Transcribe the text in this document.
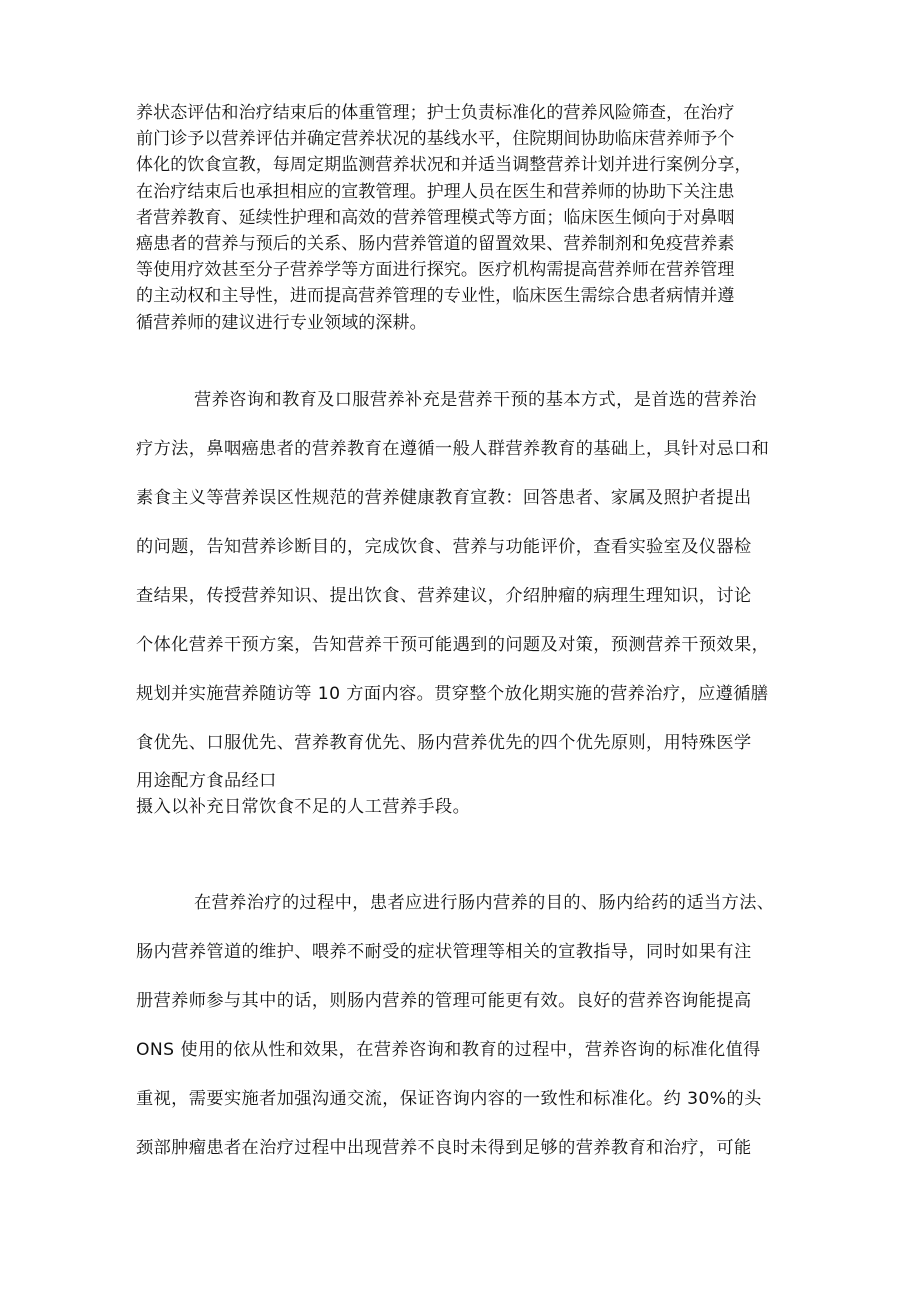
养状态评估和治疗结束后的体重管理；护士负责标准化的营养风险筛查，在治疗
前门诊予以营养评估并确定营养状况的基线水平，住院期间协助临床营养师予个
体化的饮食宣教，每周定期监测营养状况和并适当调整营养计划并进行案例分享，
在治疗结束后也承担相应的宣教管理。护理人员在医生和营养师的协助下关注患
者营养教育、延续性护理和高效的营养管理模式等方面；临床医生倾向于对鼻咽
癌患者的营养与预后的关系、肠内营养管道的留置效果、营养制剂和免疫营养素
等使用疗效甚至分子营养学等方面进行探究。医疗机构需提高营养师在营养管理
的主动权和主导性，进而提高营养管理的专业性，临床医生需综合患者病情并遵
循营养师的建议进行专业领域的深耕。
营养咨询和教育及口服营养补充是营养干预的基本方式，是首选的营养治
疗方法，鼻咽癌患者的营养教育在遵循一般人群营养教育的基础上，具针对忌口和
素食主义等营养误区性规范的营养健康教育宣教：回答患者、家属及照护者提出
的问题，告知营养诊断目的，完成饮食、营养与功能评价，查看实验室及仪器检
查结果，传授营养知识、提出饮食、营养建议，介绍肿瘤的病理生理知识，讨论
个体化营养干预方案，告知营养干预可能遇到的问题及对策，预测营养干预效果，
规划并实施营养随访等 10 方面内容。贯穿整个放化期实施的营养治疗，应遵循膳
食优先、口服优先、营养教育优先、肠内营养优先的四个优先原则，用特殊医学
用途配方食品经口
摄入以补充日常饮食不足的人工营养手段。
在营养治疗的过程中，患者应进行肠内营养的目的、肠内给药的适当方法、
肠内营养管道的维护、喂养不耐受的症状管理等相关的宣教指导，同时如果有注
册营养师参与其中的话，则肠内营养的管理可能更有效。良好的营养咨询能提高
ONS 使用的依从性和效果，在营养咨询和教育的过程中，营养咨询的标准化值得
重视，需要实施者加强沟通交流，保证咨询内容的一致性和标准化。约 30%的头
颈部肿瘤患者在治疗过程中出现营养不良时未得到足够的营养教育和治疗，可能
